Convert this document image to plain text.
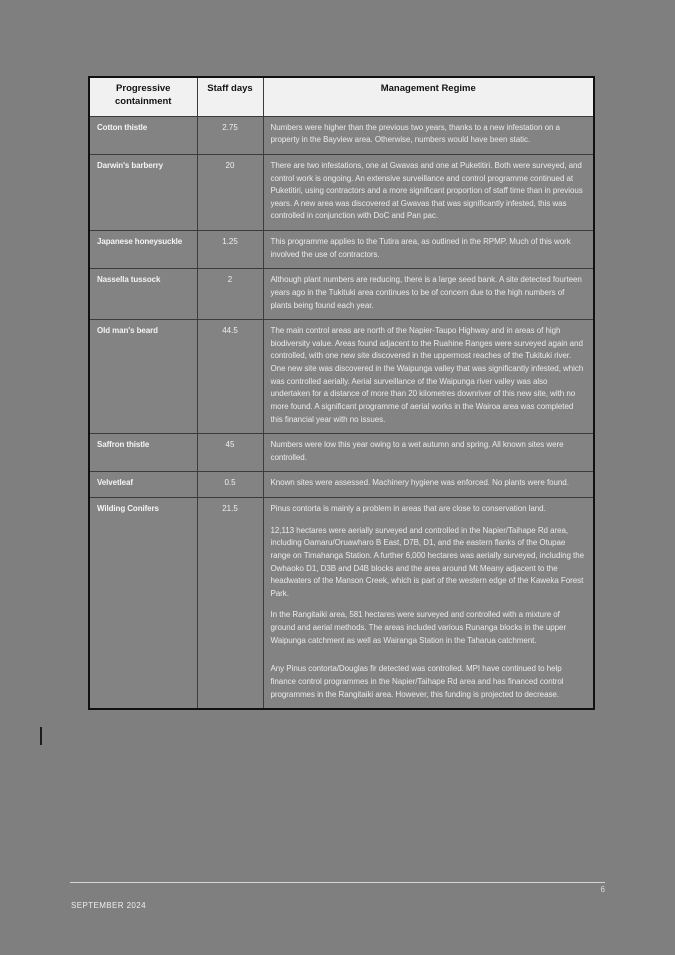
Progressive containment	Staff days	Management Regime
Cotton thistle	2.75	Numbers were higher than the previous two years, thanks to a new infestation on a property in the Bayview area. Otherwise, numbers would have been static.

Darwin's barberry	20	There are two infestations, one at Gwavas and one at Puketitiri. Both were surveyed, and control work is ongoing. An extensive surveillance and control programme continued at Puketitiri, using contractors and a more significant proportion of staff time than in previous years. A new area was discovered at Gwavas that was significantly infested, this was controlled in conjunction with DoC and Pan pac.

Japanese honeysuckle	1.25	This programme applies to the Tutira area, as outlined in the RPMP. Much of this work involved the use of contractors.

Nassella tussock	2	Although plant numbers are reducing, there is a large seed bank. A site detected fourteen years ago in the Tukituki area continues to be of concern due to the high numbers of plants being found each year.

Old man's beard	44.5	The main control areas are north of the Napier-Taupo Highway and in areas of high biodiversity value. Areas found adjacent to the Ruahine Ranges were surveyed again and controlled, with one new site discovered in the uppermost reaches of the Tukituki river. One new site was discovered in the Waipunga valley that was significantly infested, which was controlled aerially. Aerial surveillance of the Waipunga river valley was also undertaken for a distance of more than 20 kilometres downriver of this new site, with no more found. A significant programme of aerial works in the Wairoa area was completed this financial year with no issues.

Saffron thistle	45	Numbers were low this year owing to a wet autumn and spring. All known sites were controlled.

Velvetleaf	0.5	Known sites were assessed. Machinery hygiene was enforced. No plants were found.

Wilding Conifers	21.5	Pinus contorta is mainly a problem in areas that are close to conservation land.

12,113 hectares were aerially surveyed and controlled in the Napier/Taihape Rd area, including Oamaru/Oruawharo B East, D7B, D1, and the eastern flanks of the Otupae range on Timahanga Station. A further 6,000 hectares was aerially surveyed, including the Owhaoko D1, D3B and D4B blocks and the area around Mt Meany adjacent to the headwaters of the Manson Creek, which is part of the western edge of the Kaweka Forest Park.

In the Rangitaiki area, 581 hectares were surveyed and controlled with a mixture of ground and aerial methods. The areas included various Runanga blocks in the upper Waipunga catchment as well as Wairanga Station in the Taharua catchment.

Any Pinus contorta/Douglas fir detected was controlled. MPI have continued to help finance control programmes in the Napier/Taihape Rd area and has financed control programmes in the Rangitaiki area. However, this funding is projected to decrease.

6
SEPTEMBER 2024
